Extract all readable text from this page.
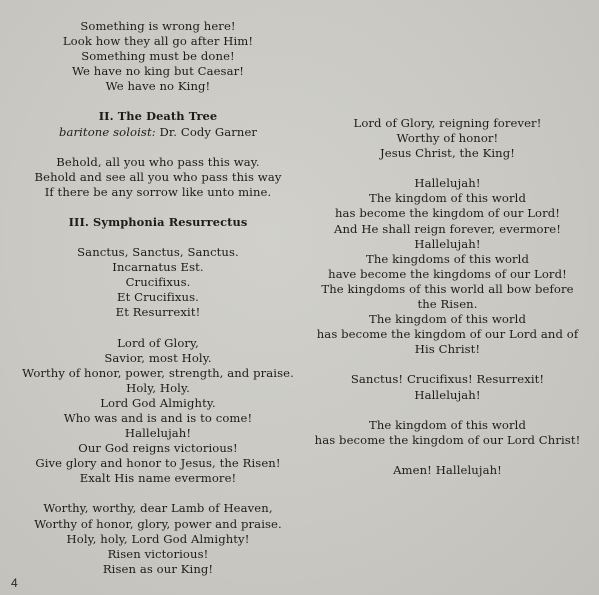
Something is wrong here!
Look how they all go after Him!
Something must be done!
We have no king but Caesar!
We have no King!
II. The Death Tree
baritone soloist: Dr. Cody Garner
Behold, all you who pass this way.
Behold and see all you who pass this way
If there be any sorrow like unto mine.
III. Symphonia Resurrectus
Sanctus, Sanctus, Sanctus.
Incarnatus Est.
Crucifixus.
Et Crucifixus.
Et Resurrexit!
Lord of Glory,
Savior, most Holy.
Worthy of honor, power, strength, and praise.
Holy, Holy.
Lord God Almighty.
Who was and is and is to come!
Hallelujah!
Our God reigns victorious!
Give glory and honor to Jesus, the Risen!
Exalt His name evermore!
Worthy, worthy, dear Lamb of Heaven,
Worthy of honor, glory, power and praise.
Holy, holy, Lord God Almighty!
Risen victorious!
Risen as our King!
Lord of Glory, reigning forever!
Worthy of honor!
Jesus Christ, the King!
Hallelujah!
The kingdom of this world
has become the kingdom of our Lord!
And He shall reign forever, evermore!
Hallelujah!
The kingdoms of this world
have become the kingdoms of our Lord!
The kingdoms of this world all bow before the Risen.
The kingdom of this world
has become the kingdom of our Lord and of His Christ!
Sanctus! Crucifixus! Resurrexit!
Hallelujah!
The kingdom of this world
has become the kingdom of our Lord Christ!
Amen! Hallelujah!
4
